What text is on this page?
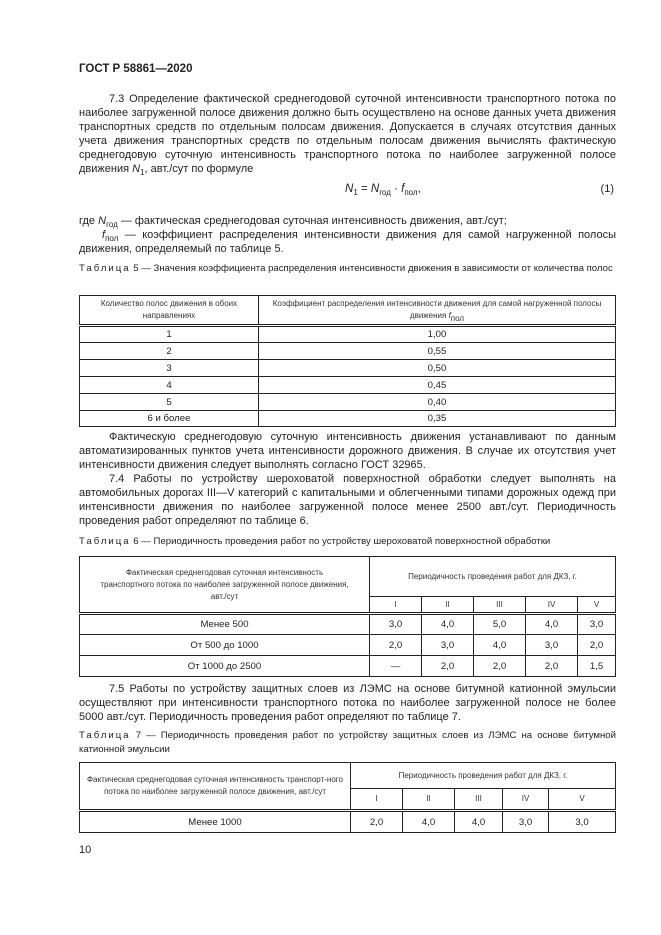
ГОСТ Р 58861—2020

7.3 Определение фактической среднегодовой суточной интенсивности транспортного потока по наиболее загруженной полосе движения должно быть осуществлено на основе данных учета движения транспортных средств по отдельным полосам движения. Допускается в случаях отсутствия данных учета движения транспортных средств по отдельным полосам движения вычислять фактическую среднегодовую суточную интенсивность транспортного потока по наиболее загруженной полосе движения $N_1$, авт./сут по формуле

$N_1 = N_{год} \cdot f_{пол}$,	(1)

где $N_{год}$ — фактическая среднегодовая суточная интенсивность движения, авт./сут;

$f_{пол}$ — коэффициент распределения интенсивности движения для самой нагруженной полосы движения, определяемый по таблице 5.

Таблица 5 — Значения коэффициента распределения интенсивности движения в зависимости от количества полос

Количество полос движения в обоих направлениях	Коэффициент распределения интенсивности движения для самой нагруженной полосы движения $f_{пол}$
1	1,00
2	0,55
3	0,50
4	0,45
5	0,40
6 и более	0,35

Фактическую среднегодовую суточную интенсивность движения устанавливают по данным автоматизированных пунктов учета интенсивности дорожного движения. В случае их отсутствия учет интенсивности движения следует выполнять согласно ГОСТ 32965.

7.4 Работы по устройству шероховатой поверхностной обработки следует выполнять на автомобильных дорогах III—V категорий с капитальными и облегченными типами дорожных одежд при интенсивности движения по наиболее загруженной полосе менее 2500 авт./сут. Периодичность проведения работ определяют по таблице 6.

Таблица 6 — Периодичность проведения работ по устройству шероховатой поверхностной обработки

Фактическая среднегодовая суточная интенсивность транспортного потока по наиболее загруженной полосе движения, авт./сут	Периодичность проведения работ для ДКЗ, г.				
	I	II	III	IV	V
Менее 500	3,0	4,0	5,0	4,0	3,0
От 500 до 1000	2,0	3,0	4,0	3,0	2,0
От 1000 до 2500	—	2,0	2,0	2,0	1,5

7.5 Работы по устройству защитных слоев из ЛЭМС на основе битумной катионной эмульсии осуществляют при интенсивности транспортного потока по наиболее загруженной полосе не более 5000 авт./сут. Периодичность проведения работ определяют по таблице 7.

Таблица 7 — Периодичность проведения работ по устройству защитных слоев из ЛЭМС на основе битумной катионной эмульсии

Фактическая среднегодовая суточная интенсивность транспорт-ного потока по наиболее загруженной полосе движения, авт./сут	Периодичность проведения работ для ДКЗ, г.				
	I	II	III	IV	V
Менее 1000	2,0	4,0	4,0	3,0	3,0
10
